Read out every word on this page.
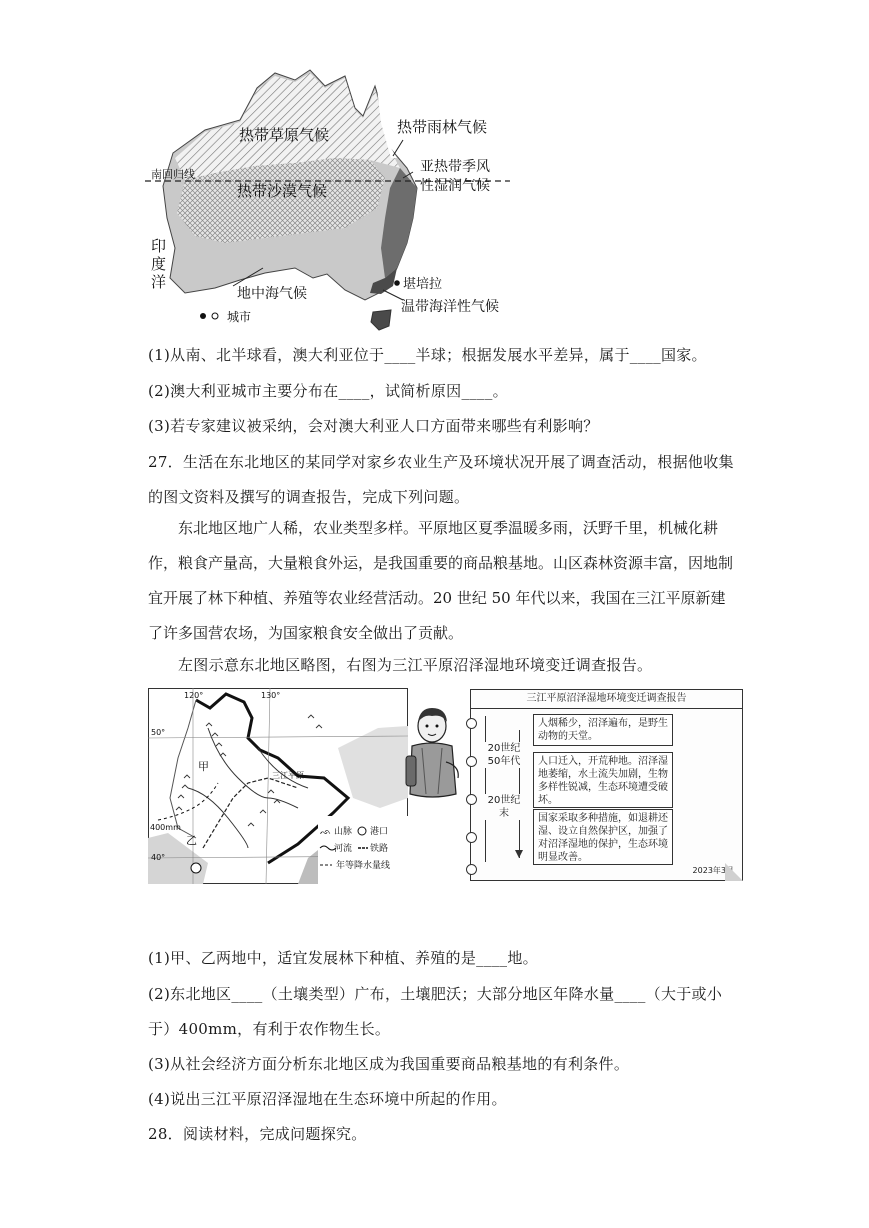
热带草原气候	热带雨林气候
亚热带季风
性湿润气候
南回归线
热带沙漠气候
印
度
洋
地中海气候
堪培拉
温带海洋性气候
城市
(1)从南、北半球看，澳大利亚位于____半球；根据发展水平差异，属于____国家。
(2)澳大利亚城市主要分布在____，试简析原因____。
(3)若专家建议被采纳，会对澳大利亚人口方面带来哪些有利影响？
27．生活在东北地区的某同学对家乡农业生产及环境状况开展了调查活动，根据他收集
的图文资料及撰写的调查报告，完成下列问题。
东北地区地广人稀，农业类型多样。平原地区夏季温暖多雨，沃野千里，机械化耕作，粮食产量高，大量粮食外运，是我国重要的商品粮基地。山区森林资源丰富，因地制宜开展了林下种植、养殖等农业经营活动。20 世纪 50 年代以来，我国在三江平原新建了许多国营农场，为国家粮食安全做出了贡献。
左图示意东北地区略图，右图为三江平原沼泽湿地环境变迁调查报告。
120°	130°
50°
40°
甲
乙
三江平原
400mm	ᨒ 山脉 港口
河流 铁路
年等降水量线
三江平原沼泽湿地环境变迁调查报告
20世纪50年代
20世纪末
人烟稀少，沼泽遍布，是野生动物的天堂。
人口迁入，开荒种地。沼泽湿地萎缩，水土流失加剧，生物多样性锐减，生态环境遭受破坏。
国家采取多种措施，如退耕还湿、设立自然保护区，加强了对沼泽湿地的保护，生态环境明显改善。
2023年3月
(1)甲、乙两地中，适宜发展林下种植、养殖的是____地。
(2)东北地区____（土壤类型）广布，土壤肥沃；大部分地区年降水量____（大于或小
于）400mm，有利于农作物生长。
(3)从社会经济方面分析东北地区成为我国重要商品粮基地的有利条件。
(4)说出三江平原沼泽湿地在生态环境中所起的作用。
28．阅读材料，完成问题探究。
